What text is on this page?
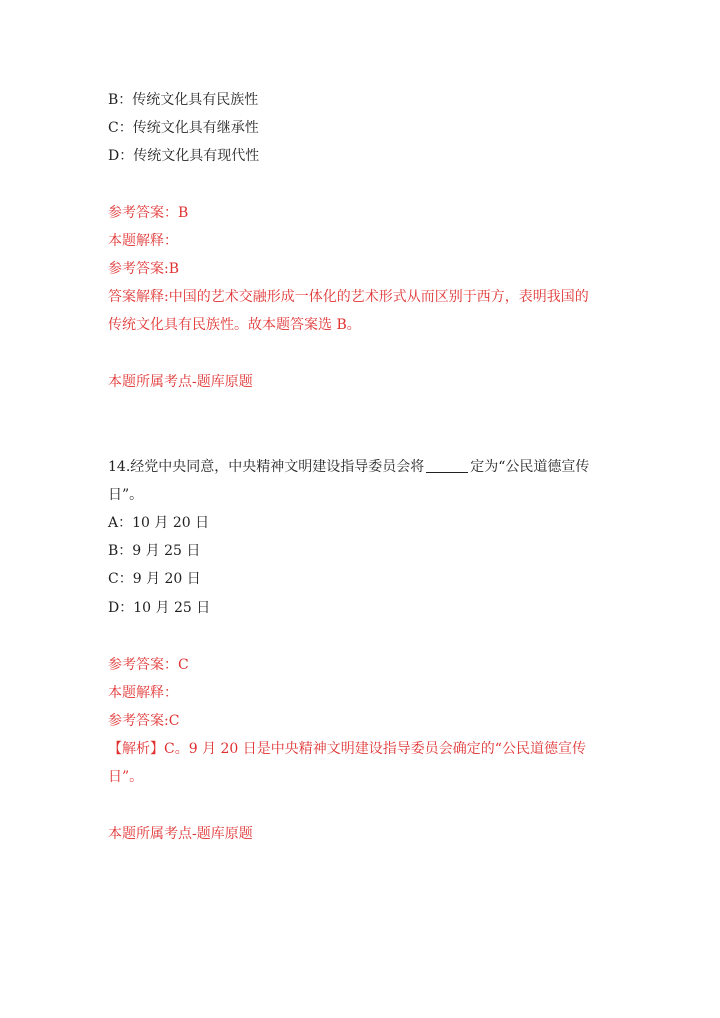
B：传统文化具有民族性
C：传统文化具有继承性
D：传统文化具有现代性
参考答案：B
本题解释：
参考答案:B
答案解释:中国的艺术交融形成一体化的艺术形式从而区别于西方，表明我国的
传统文化具有民族性。故本题答案选 B。
本题所属考点-题库原题
14.经党中央同意，中央精神文明建设指导委员会将	定为“公民道德宣传
日”。
A：10 月 20 日
B：9 月 25 日
C：9 月 20 日
D：10 月 25 日
参考答案：C
本题解释：
参考答案:C
【解析】C。9 月 20 日是中央精神文明建设指导委员会确定的“公民道德宣传
日”。
本题所属考点-题库原题
